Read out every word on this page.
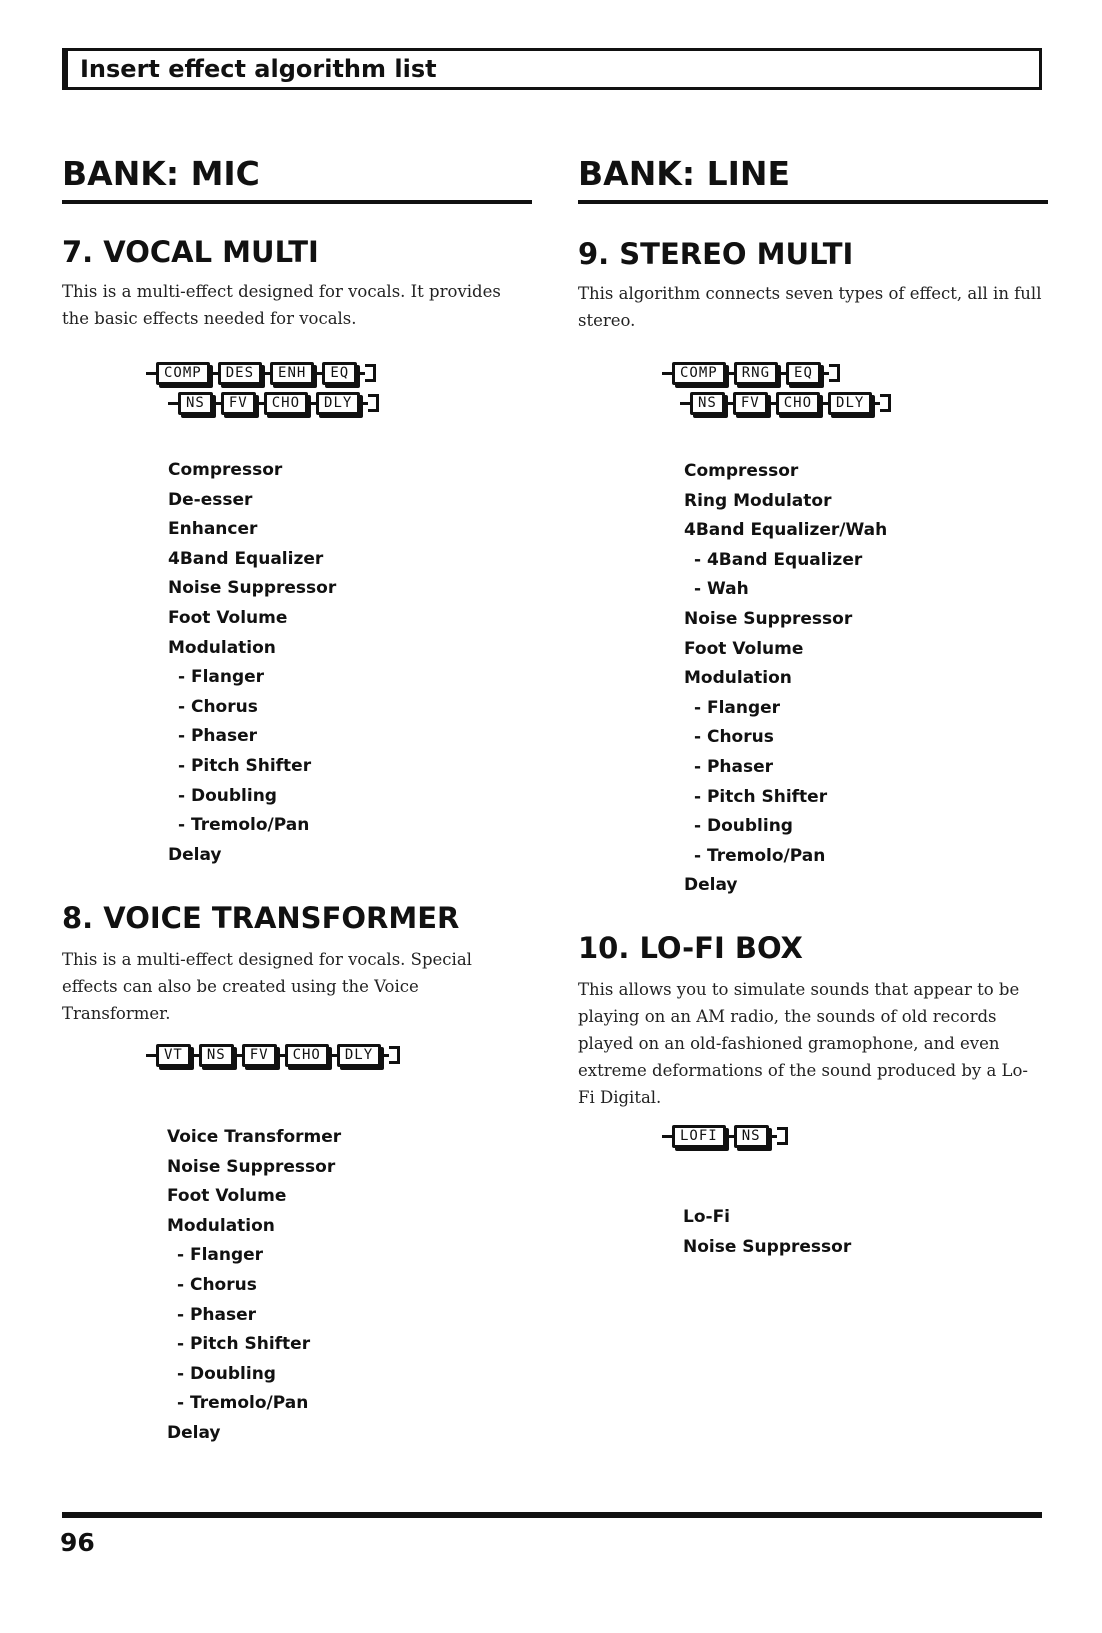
Insert effect algorithm list
BANK: MIC
7. VOCAL MULTI

This is a multi-effect designed for vocals. It provides the basic effects needed for vocals.

COMP	DES	ENH	EQ
NS	FV	CHO	DLY
Compressor
De-esser
Enhancer
4Band Equalizer
Noise Suppressor
Foot Volume
Modulation
- Flanger
- Chorus
- Phaser
- Pitch Shifter
- Doubling
- Tremolo/Pan
Delay
8. VOICE TRANSFORMER

This is a multi-effect designed for vocals. Special effects can also be created using the Voice Transformer.

VT	NS	FV	CHO	DLY
Voice Transformer
Noise Suppressor
Foot Volume
Modulation
- Flanger
- Chorus
- Phaser
- Pitch Shifter
- Doubling
- Tremolo/Pan
Delay
BANK: LINE
9. STEREO MULTI

This algorithm connects seven types of effect, all in full stereo.

COMP	RNG	EQ
NS	FV	CHO	DLY
Compressor
Ring Modulator
4Band Equalizer/Wah
- 4Band Equalizer
- Wah
Noise Suppressor
Foot Volume
Modulation
- Flanger
- Chorus
- Phaser
- Pitch Shifter
- Doubling
- Tremolo/Pan
Delay
10. LO-FI BOX

This allows you to simulate sounds that appear to be playing on an AM radio, the sounds of old records played on an old-fashioned gramophone, and even extreme deformations of the sound produced by a Lo-Fi Digital.

LOFI	NS
Lo-Fi
Noise Suppressor
96
